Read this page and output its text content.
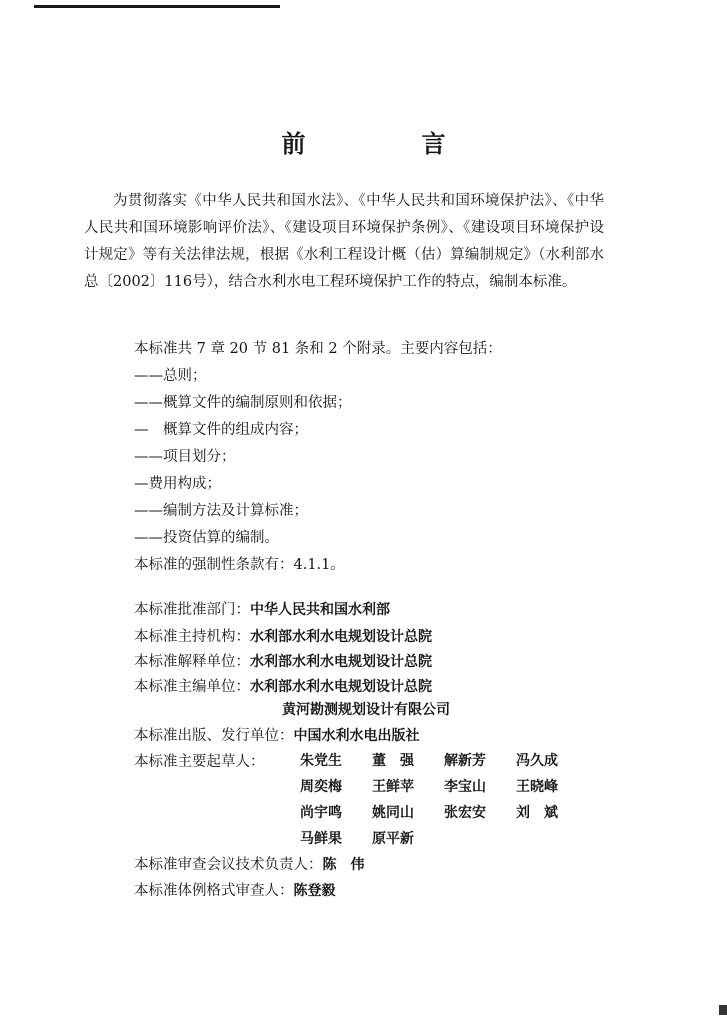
前　言

为贯彻落实《中华人民共和国水法》、《中华人民共和国环境保护法》、《中华人民共和国环境影响评价法》、《建设项目环境保护条例》、《建设项目环境保护设计规定》等有关法律法规，根据《水利工程设计概（估）算编制规定》（水利部水总〔2002〕116号），结合水利水电工程环境保护工作的特点，编制本标准。

本标准共 7 章 20 节 81 条和 2 个附录。主要内容包括：
——总则；
——概算文件的编制原则和依据；
—　概算文件的组成内容；
——项目划分；
—费用构成；
——编制方法及计算标准；
——投资估算的编制。
本标准的强制性条款有：4.1.1。
本标准批准部门：中华人民共和国水利部
本标准主持机构：水利部水利水电规划设计总院
本标准解释单位：水利部水利水电规划设计总院
本标准主编单位：水利部水利水电规划设计总院
黄河勘测规划设计有限公司
本标准出版、发行单位：中国水利水电出版社
本标准主要起草人：	朱党生 董　强 解新芳 冯久成
周奕梅 王鲜苹 李宝山 王晓峰
尚宇鸣 姚同山 张宏安 刘　斌
马鲜果 原平新
本标准审查会议技术负责人：陈　伟
本标准体例格式审查人：陈登毅
